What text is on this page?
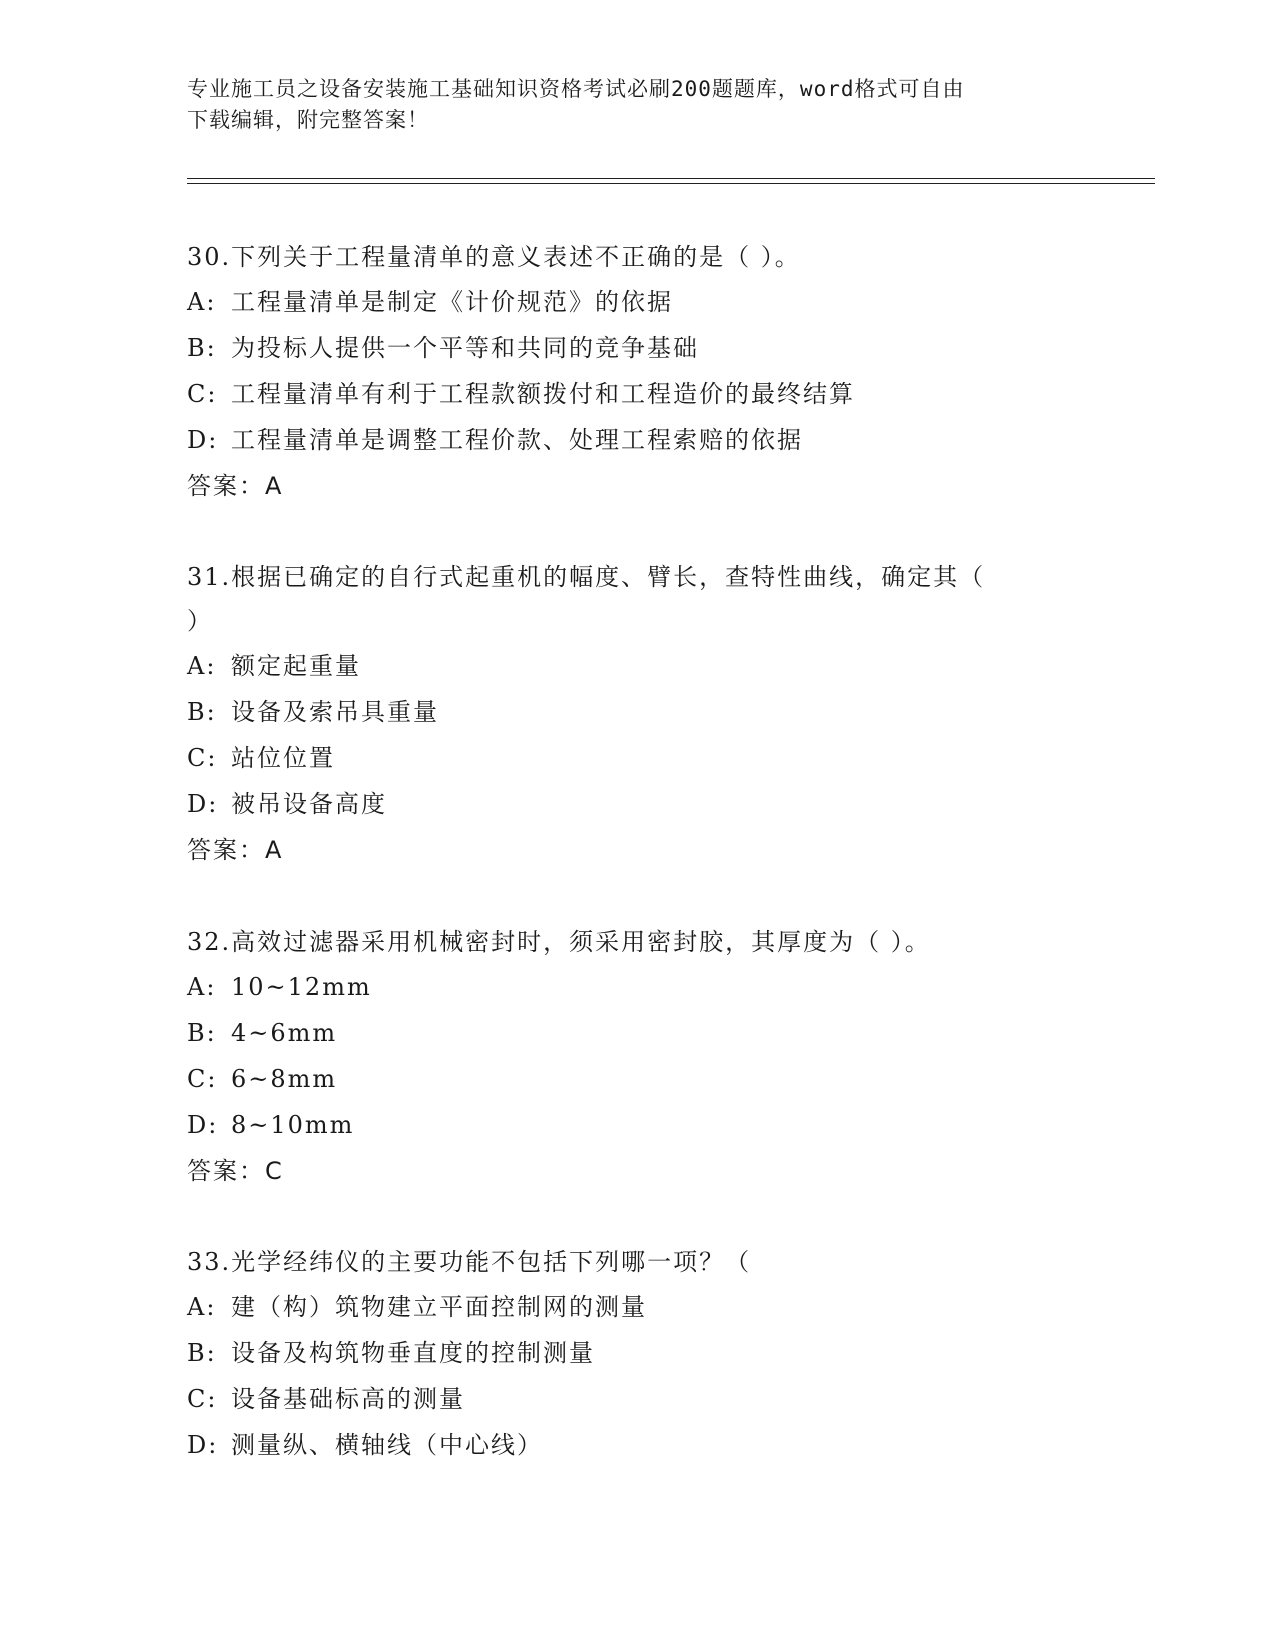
专业施工员之设备安装施工基础知识资格考试必刷200题题库，word格式可自由
下载编辑，附完整答案！

30.下列关于工程量清单的意义表述不正确的是（ ）。

A: 工程量清单是制定《计价规范》的依据

B: 为投标人提供一个平等和共同的竞争基础

C: 工程量清单有利于工程款额拨付和工程造价的最终结算

D: 工程量清单是调整工程价款、处理工程索赔的依据

答案：A

31.根据已确定的自行式起重机的幅度、臂长，查特性曲线，确定其（

）

A: 额定起重量

B: 设备及索吊具重量

C: 站位位置

D: 被吊设备高度

答案：A

32.高效过滤器采用机械密封时，须采用密封胶，其厚度为（ ）。

A: 10~12mm

B: 4~6mm

C: 6~8mm

D: 8~10mm

答案：C

33.光学经纬仪的主要功能不包括下列哪一项？（

A: 建（构）筑物建立平面控制网的测量

B: 设备及构筑物垂直度的控制测量

C: 设备基础标高的测量

D: 测量纵、横轴线（中心线）
